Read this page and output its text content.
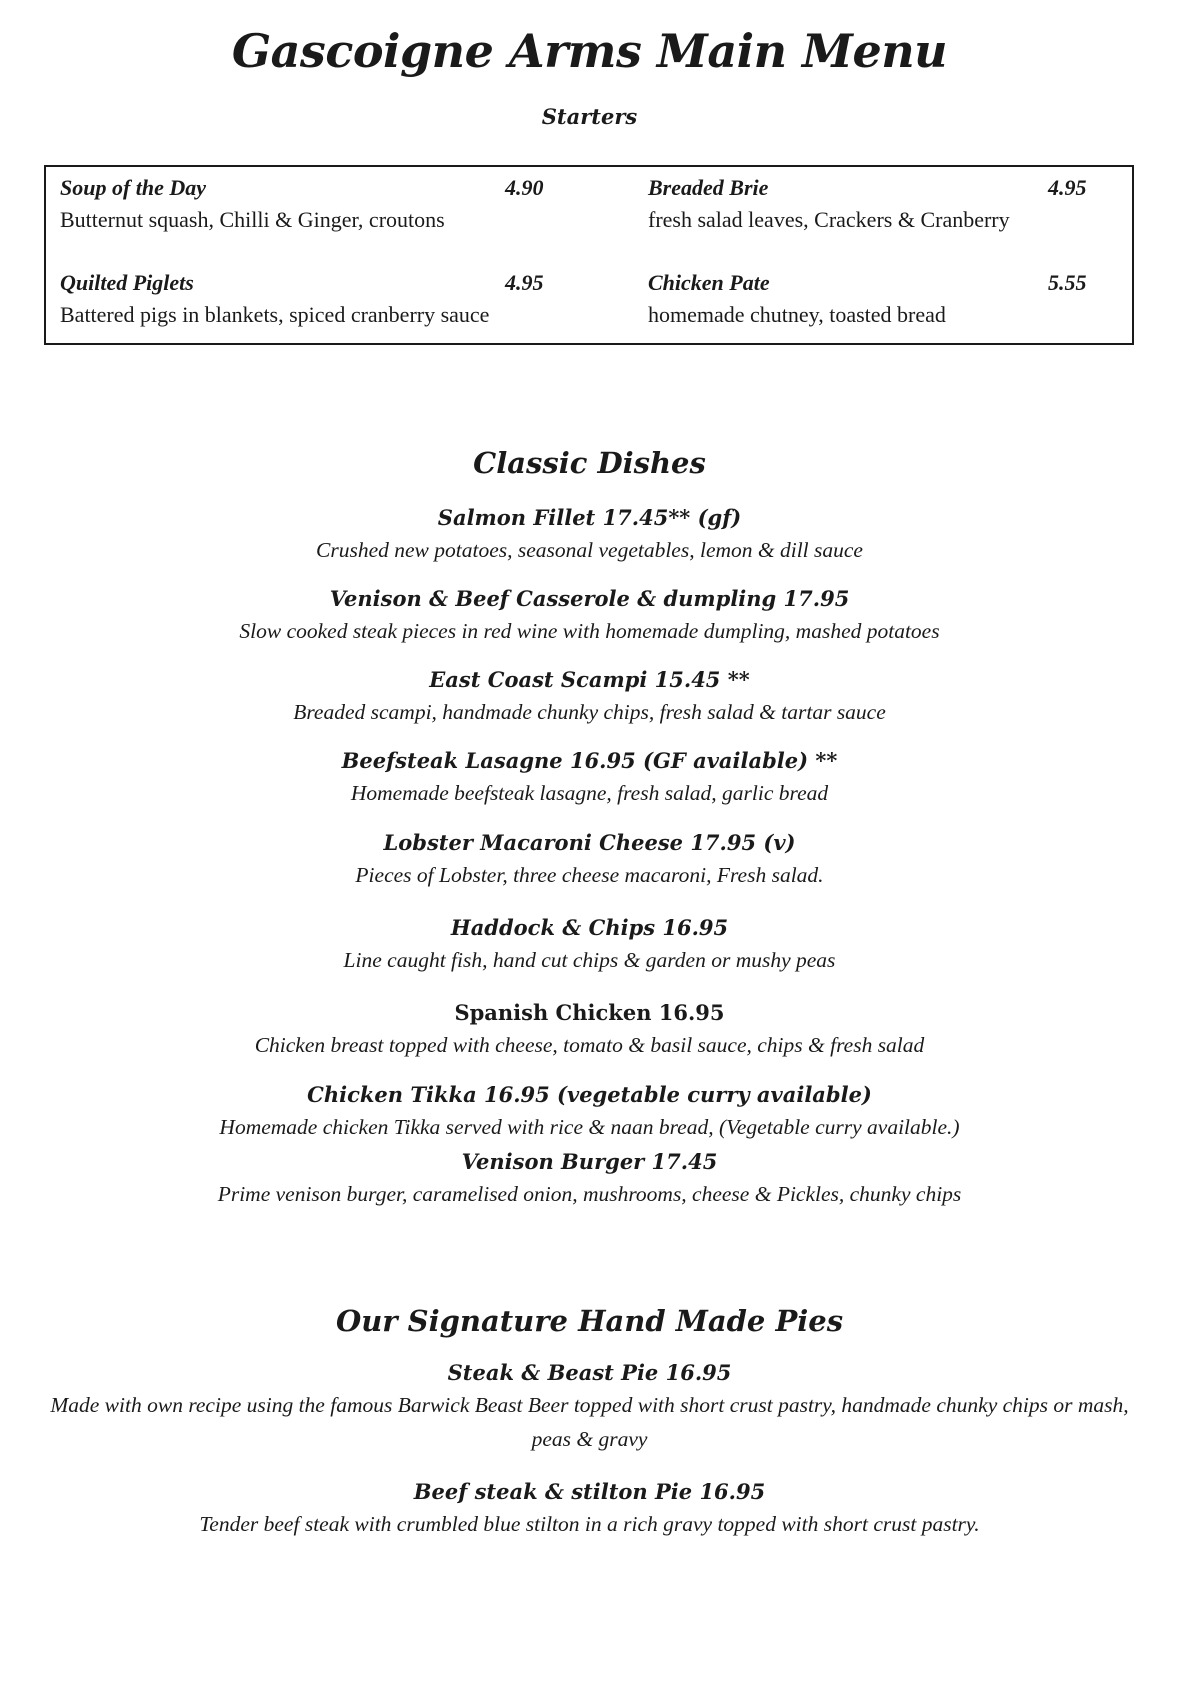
Gascoigne Arms Main Menu
Starters
Soup of the Day	4.90
Butternut squash, Chilli & Ginger, croutons
Breaded Brie	4.95
fresh salad leaves, Crackers & Cranberry
Quilted Piglets	4.95
Battered pigs in blankets, spiced cranberry sauce
Chicken Pate	5.55
homemade chutney, toasted bread
Classic Dishes
Salmon Fillet 17.45** (gf)
Crushed new potatoes, seasonal vegetables, lemon & dill sauce
Venison & Beef Casserole & dumpling 17.95
Slow cooked steak pieces in red wine with homemade dumpling, mashed potatoes
East Coast Scampi 15.45 **
Breaded scampi, handmade chunky chips, fresh salad & tartar sauce
Beefsteak Lasagne 16.95 (GF available) **
Homemade beefsteak lasagne, fresh salad, garlic bread
Lobster Macaroni Cheese 17.95 (v)
Pieces of Lobster, three cheese macaroni, Fresh salad.
Haddock & Chips 16.95
Line caught fish, hand cut chips & garden or mushy peas
Spanish Chicken 16.95
Chicken breast topped with cheese, tomato & basil sauce, chips & fresh salad
Chicken Tikka 16.95 (vegetable curry available)
Homemade chicken Tikka served with rice & naan bread, (Vegetable curry available.)
Venison Burger 17.45
Prime venison burger, caramelised onion, mushrooms, cheese & Pickles, chunky chips
Our Signature Hand Made Pies
Steak & Beast Pie 16.95
Made with own recipe using the famous Barwick Beast Beer topped with short crust pastry, handmade chunky chips or mash, peas & gravy
Beef steak & stilton Pie 16.95
Tender beef steak with crumbled blue stilton in a rich gravy topped with short crust pastry.
